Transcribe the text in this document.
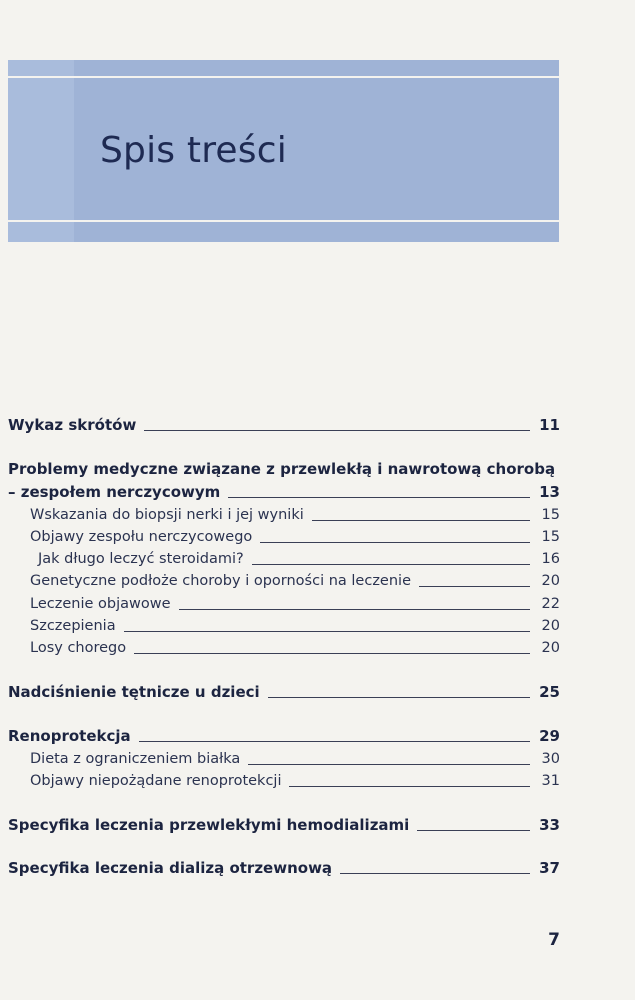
Spis treści
Wykaz skrótów	11
Problemy medyczne związane z przewlekłą i nawrotową chorobą
– zespołem nerczycowym	13
Wskazania do biopsji nerki i jej wyniki	15
Objawy zespołu nerczycowego	15
Jak długo leczyć steroidami?	16
Genetyczne podłoże choroby i oporności na leczenie	20
Leczenie objawowe	22
Szczepienia	20
Losy chorego	20
Nadciśnienie tętnicze u dzieci	25
Renoprotekcja	29
Dieta z ograniczeniem białka	30
Objawy niepożądane renoprotekcji	31
Specyfika leczenia przewlekłymi hemodializami	33
Specyfika leczenia dializą otrzewnową	37
7
